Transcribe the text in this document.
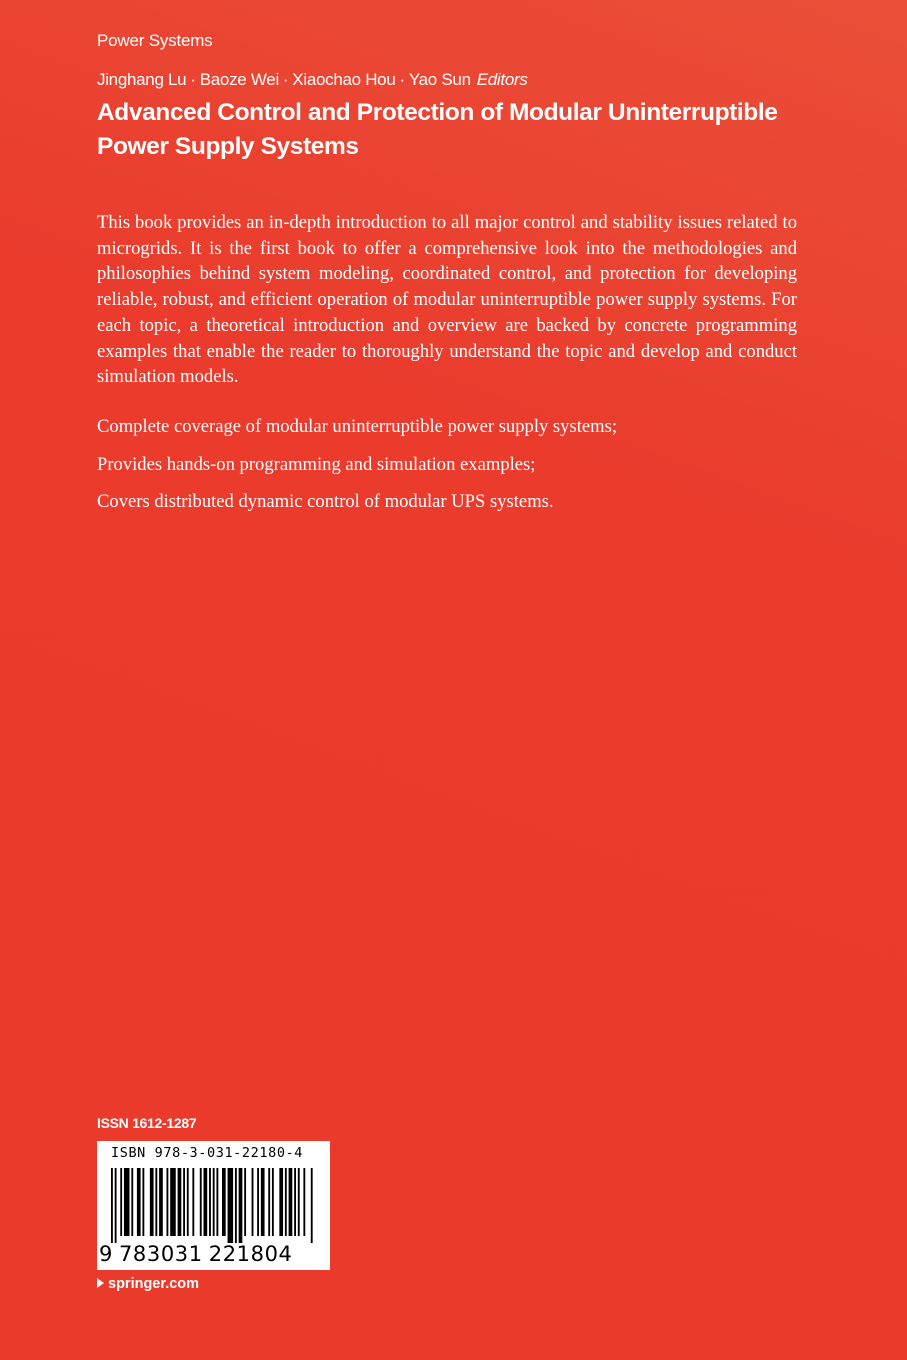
Power Systems
Jinghang Lu · Baoze Wei · Xiaochao Hou · Yao Sun Editors
Advanced Control and Protection of Modular Uninterruptible Power Supply Systems

This book provides an in-depth introduction to all major control and stability issues related to microgrids. It is the first book to offer a comprehensive look into the methodologies and philosophies behind system modeling, coordinated control, and protection for developing reliable, robust, and efficient operation of modular uninterruptible power supply systems. For each topic, a theoretical introduction and overview are backed by concrete programming examples that enable the reader to thoroughly understand the topic and develop and conduct simulation models.

Complete coverage of modular uninterruptible power supply systems;
Provides hands-on programming and simulation examples;
Covers distributed dynamic control of modular UPS systems.
ISSN 1612-1287
ISBN 978-3-031-22180-4
9 783031 221804
springer.com
